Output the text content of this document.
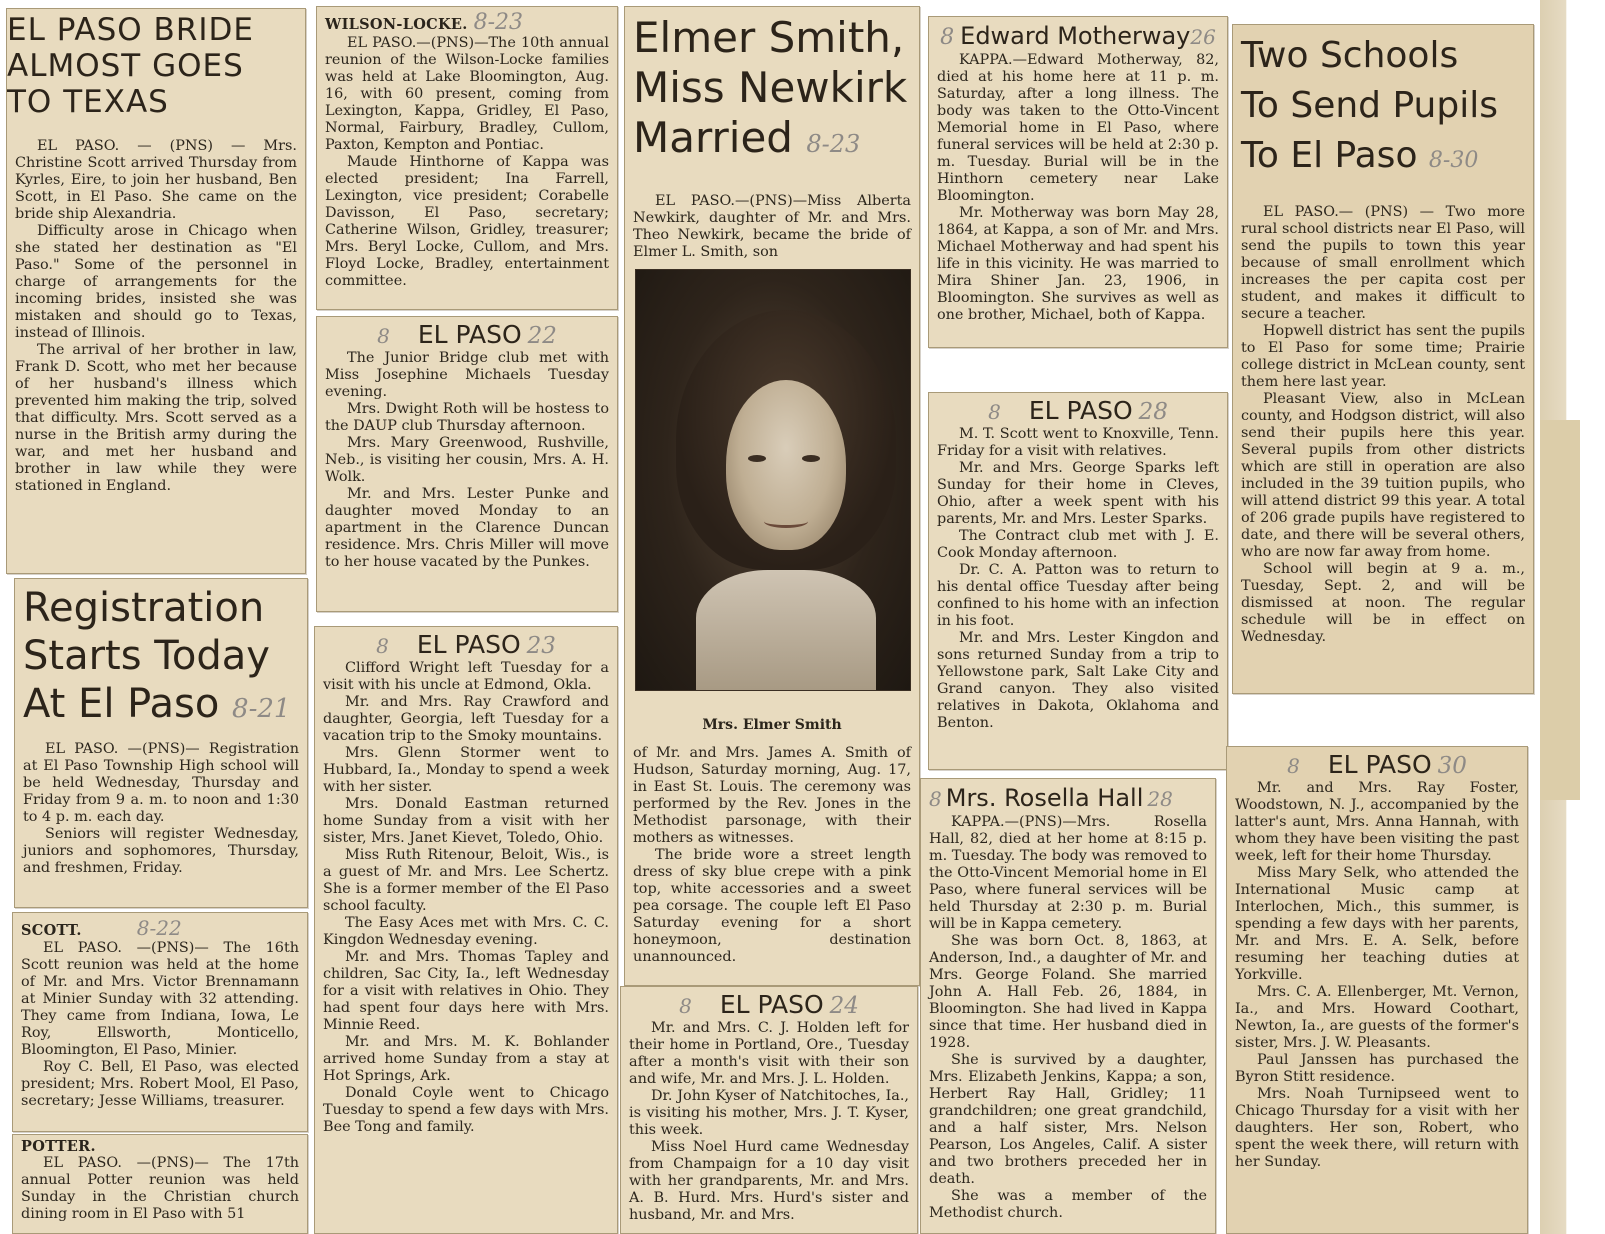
EL PASO BRIDE
ALMOST GOES
TO TEXAS

EL PASO. — (PNS) — Mrs. Christine Scott arrived Thursday from Kyrles, Eire, to join her husband, Ben Scott, in El Paso. She came on the bride ship Alexandria.

Difficulty arose in Chicago when she stated her destination as "El Paso." Some of the personnel in charge of arrangements for the incoming brides, insisted she was mistaken and should go to Texas, instead of Illinois.

The arrival of her brother in law, Frank D. Scott, who met her because of her husband's illness which prevented him making the trip, solved that difficulty. Mrs. Scott served as a nurse in the British army during the war, and met her husband and brother in law while they were stationed in England.

Registration
Starts Today
At El Paso 8-21

EL PASO. —(PNS)— Registration at El Paso Township High school will be held Wednesday, Thursday and Friday from 9 a. m. to noon and 1:30 to 4 p. m. each day.

Seniors will register Wednesday, juniors and sophomores, Thursday, and freshmen, Friday.

SCOTT.	8-22

EL PASO. —(PNS)— The 16th Scott reunion was held at the home of Mr. and Mrs. Victor Brennamann at Minier Sunday with 32 attending. They came from Indiana, Iowa, Le Roy, Ellsworth, Monticello, Bloomington, El Paso, Minier.

Roy C. Bell, El Paso, was elected president; Mrs. Robert Mool, El Paso, secretary; Jesse Williams, treasurer.

POTTER.

EL PASO. —(PNS)— The 17th annual Potter reunion was held Sunday in the Christian church dining room in El Paso with 51

WILSON-LOCKE. 8-23

EL PASO.—(PNS)—The 10th annual reunion of the Wilson-Locke families was held at Lake Bloomington, Aug. 16, with 60 present, coming from Lexington, Kappa, Gridley, El Paso, Normal, Fairbury, Bradley, Cullom, Paxton, Kempton and Pontiac.

Maude Hinthorne of Kappa was elected president; Ina Farrell, Lexington, vice president; Corabelle Davisson, El Paso, secretary; Catherine Wilson, Gridley, treasurer; Mrs. Beryl Locke, Cullom, and Mrs. Floyd Locke, Bradley, entertainment committee.

8 EL PASO 22

The Junior Bridge club met with Miss Josephine Michaels Tuesday evening.

Mrs. Dwight Roth will be hostess to the DAUP club Thursday afternoon.

Mrs. Mary Greenwood, Rushville, Neb., is visiting her cousin, Mrs. A. H. Wolk.

Mr. and Mrs. Lester Punke and daughter moved Monday to an apartment in the Clarence Duncan residence. Mrs. Chris Miller will move to her house vacated by the Punkes.

8 EL PASO 23

Clifford Wright left Tuesday for a visit with his uncle at Edmond, Okla.

Mr. and Mrs. Ray Crawford and daughter, Georgia, left Tuesday for a vacation trip to the Smoky mountains.

Mrs. Glenn Stormer went to Hubbard, Ia., Monday to spend a week with her sister.

Mrs. Donald Eastman returned home Sunday from a visit with her sister, Mrs. Janet Kievet, Toledo, Ohio.

Miss Ruth Ritenour, Beloit, Wis., is a guest of Mr. and Mrs. Lee Schertz. She is a former member of the El Paso school faculty.

The Easy Aces met with Mrs. C. C. Kingdon Wednesday evening.

Mr. and Mrs. Thomas Tapley and children, Sac City, Ia., left Wednesday for a visit with relatives in Ohio. They had spent four days here with Mrs. Minnie Reed.

Mr. and Mrs. M. K. Bohlander arrived home Sunday from a stay at Hot Springs, Ark.

Donald Coyle went to Chicago Tuesday to spend a few days with Mrs. Bee Tong and family.

Elmer Smith,
Miss Newkirk
Married 8-23

EL PASO.—(PNS)—Miss Alberta Newkirk, daughter of Mr. and Mrs. Theo Newkirk, became the bride of Elmer L. Smith, son

Mrs. Elmer Smith

of Mr. and Mrs. James A. Smith of Hudson, Saturday morning, Aug. 17, in East St. Louis. The ceremony was performed by the Rev. Jones in the Methodist parsonage, with their mothers as witnesses.

The bride wore a street length dress of sky blue crepe with a pink top, white accessories and a sweet pea corsage. The couple left El Paso Saturday evening for a short honeymoon, destination unannounced.

8 EL PASO 24

Mr. and Mrs. C. J. Holden left for their home in Portland, Ore., Tuesday after a month's visit with their son and wife, Mr. and Mrs. J. L. Holden.

Dr. John Kyser of Natchitoches, Ia., is visiting his mother, Mrs. J. T. Kyser, this week.

Miss Noel Hurd came Wednesday from Champaign for a 10 day visit with her grandparents, Mr. and Mrs. A. B. Hurd. Mrs. Hurd's sister and husband, Mr. and Mrs.

8 Edward Motherway26

KAPPA.—Edward Motherway, 82, died at his home here at 11 p. m. Saturday, after a long illness. The body was taken to the Otto-Vincent Memorial home in El Paso, where funeral services will be held at 2:30 p. m. Tuesday. Burial will be in the Hinthorn cemetery near Lake Bloomington.

Mr. Motherway was born May 28, 1864, at Kappa, a son of Mr. and Mrs. Michael Motherway and had spent his life in this vicinity. He was married to Mira Shiner Jan. 23, 1906, in Bloomington. She survives as well as one brother, Michael, both of Kappa.

8 EL PASO 28

M. T. Scott went to Knoxville, Tenn. Friday for a visit with relatives.

Mr. and Mrs. George Sparks left Sunday for their home in Cleves, Ohio, after a week spent with his parents, Mr. and Mrs. Lester Sparks.

The Contract club met with J. E. Cook Monday afternoon.

Dr. C. A. Patton was to return to his dental office Tuesday after being confined to his home with an infection in his foot.

Mr. and Mrs. Lester Kingdon and sons returned Sunday from a trip to Yellowstone park, Salt Lake City and Grand canyon. They also visited relatives in Dakota, Oklahoma and Benton.

8 Mrs. Rosella Hall 28

KAPPA.—(PNS)—Mrs. Rosella Hall, 82, died at her home at 8:15 p. m. Tuesday. The body was removed to the Otto-Vincent Memorial home in El Paso, where funeral services will be held Thursday at 2:30 p. m. Burial will be in Kappa cemetery.

She was born Oct. 8, 1863, at Anderson, Ind., a daughter of Mr. and Mrs. George Foland. She married John A. Hall Feb. 26, 1884, in Bloomington. She had lived in Kappa since that time. Her husband died in 1928.

She is survived by a daughter, Mrs. Elizabeth Jenkins, Kappa; a son, Herbert Ray Hall, Gridley; 11 grandchildren; one great grandchild, and a half sister, Mrs. Nelson Pearson, Los Angeles, Calif. A sister and two brothers preceded her in death.

She was a member of the Methodist church.

Two Schools
To Send Pupils
To El Paso 8-30

EL PASO.— (PNS) — Two more rural school districts near El Paso, will send the pupils to town this year because of small enrollment which increases the per capita cost per student, and makes it difficult to secure a teacher.

Hopwell district has sent the pupils to El Paso for some time; Prairie college district in McLean county, sent them here last year.

Pleasant View, also in McLean county, and Hodgson district, will also send their pupils here this year. Several pupils from other districts which are still in operation are also included in the 39 tuition pupils, who will attend district 99 this year. A total of 206 grade pupils have registered to date, and there will be several others, who are now far away from home.

School will begin at 9 a. m., Tuesday, Sept. 2, and will be dismissed at noon. The regular schedule will be in effect on Wednesday.

8 EL PASO 30

Mr. and Mrs. Ray Foster, Woodstown, N. J., accompanied by the latter's aunt, Mrs. Anna Hannah, with whom they have been visiting the past week, left for their home Thursday.

Miss Mary Selk, who attended the International Music camp at Interlochen, Mich., this summer, is spending a few days with her parents, Mr. and Mrs. E. A. Selk, before resuming her teaching duties at Yorkville.

Mrs. C. A. Ellenberger, Mt. Vernon, Ia., and Mrs. Howard Coothart, Newton, Ia., are guests of the former's sister, Mrs. J. W. Pleasants.

Paul Janssen has purchased the Byron Stitt residence.

Mrs. Noah Turnipseed went to Chicago Thursday for a visit with her daughters. Her son, Robert, who spent the week there, will return with her Sunday.
